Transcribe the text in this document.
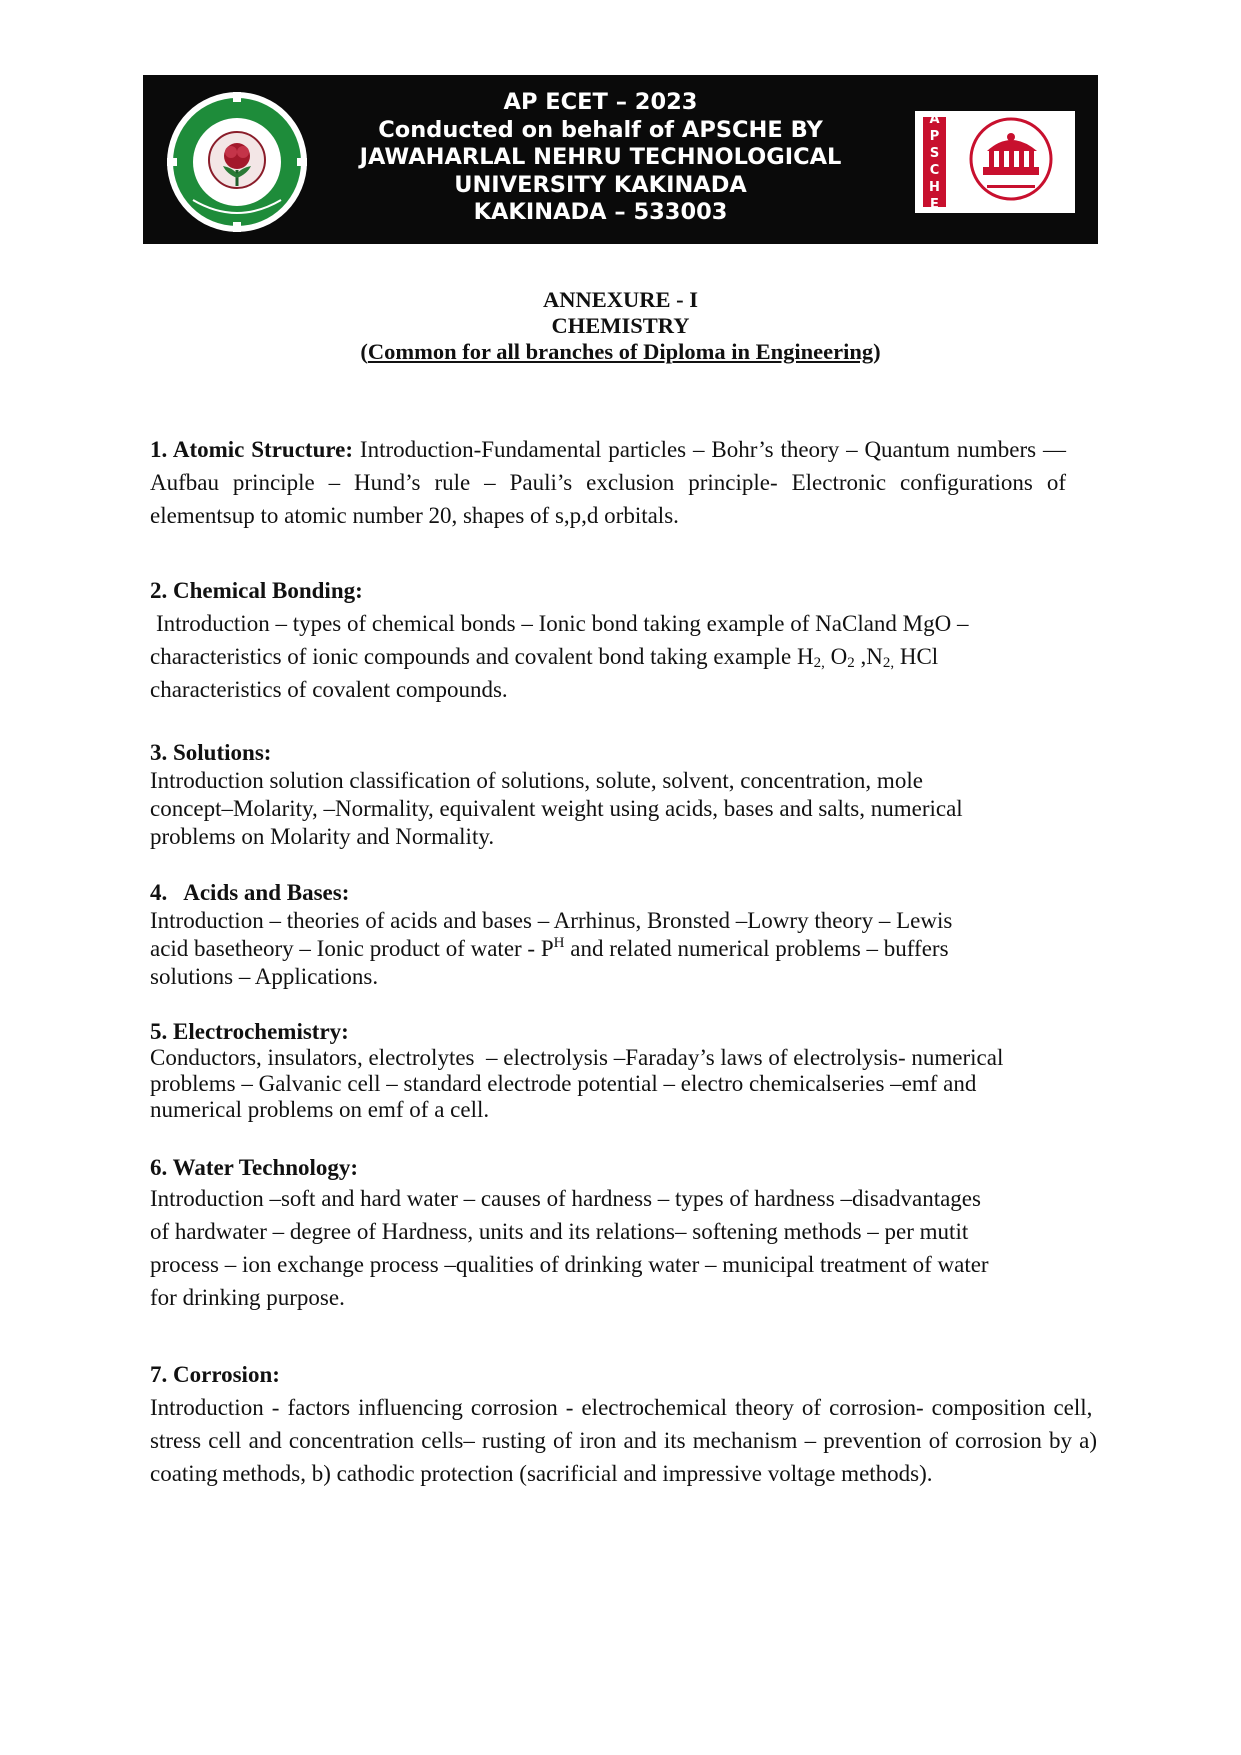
AP ECET – 2023
Conducted on behalf of APSCHE BY
JAWAHARLAL NEHRU TECHNOLOGICAL
UNIVERSITY KAKINADA
KAKINADA – 533003
A
P
S
C
H
E
ANNEXURE - I
CHEMISTRY
(Common for all branches of Diploma in Engineering)
1. Atomic Structure: Introduction-Fundamental particles – Bohr’s theory – Quantum numbers — Aufbau principle – Hund’s rule – Pauli’s exclusion principle- Electronic configurations of elementsup to atomic number 20, shapes of s,p,d orbitals.
2. Chemical Bonding:
Introduction – types of chemical bonds – Ionic bond taking example of NaCland MgO –
characteristics of ionic compounds and covalent bond taking example $H_{2,}$ $O_2$ $,N_{2,}$ HCl
characteristics of covalent compounds.
3. Solutions:
Introduction solution classification of solutions, solute, solvent, concentration, mole
concept–Molarity, –Normality, equivalent weight using acids, bases and salts, numerical
problems on Molarity and Normality.
4.   Acids and Bases:
Introduction – theories of acids and bases – Arrhinus, Bronsted –Lowry theory – Lewis
acid basetheory – Ionic product of water - $P^H$ and related numerical problems – buffers
solutions – Applications.
5. Electrochemistry:
Conductors, insulators, electrolytes  – electrolysis –Faraday’s laws of electrolysis- numerical
problems – Galvanic cell – standard electrode potential – electro chemicalseries –emf and
numerical problems on emf of a cell.
6. Water Technology:
Introduction –soft and hard water – causes of hardness – types of hardness –disadvantages
of hardwater – degree of Hardness, units and its relations– softening methods – per mutit
process – ion exchange process –qualities of drinking water – municipal treatment of water
for drinking purpose.
7. Corrosion:
Introduction - factors influencing corrosion - electrochemical theory of corrosion- composition cell, stress cell and concentration cells– rusting of iron and its mechanism – prevention of corrosion by a) coating methods, b) cathodic protection (sacrificial and impressive voltage methods).
